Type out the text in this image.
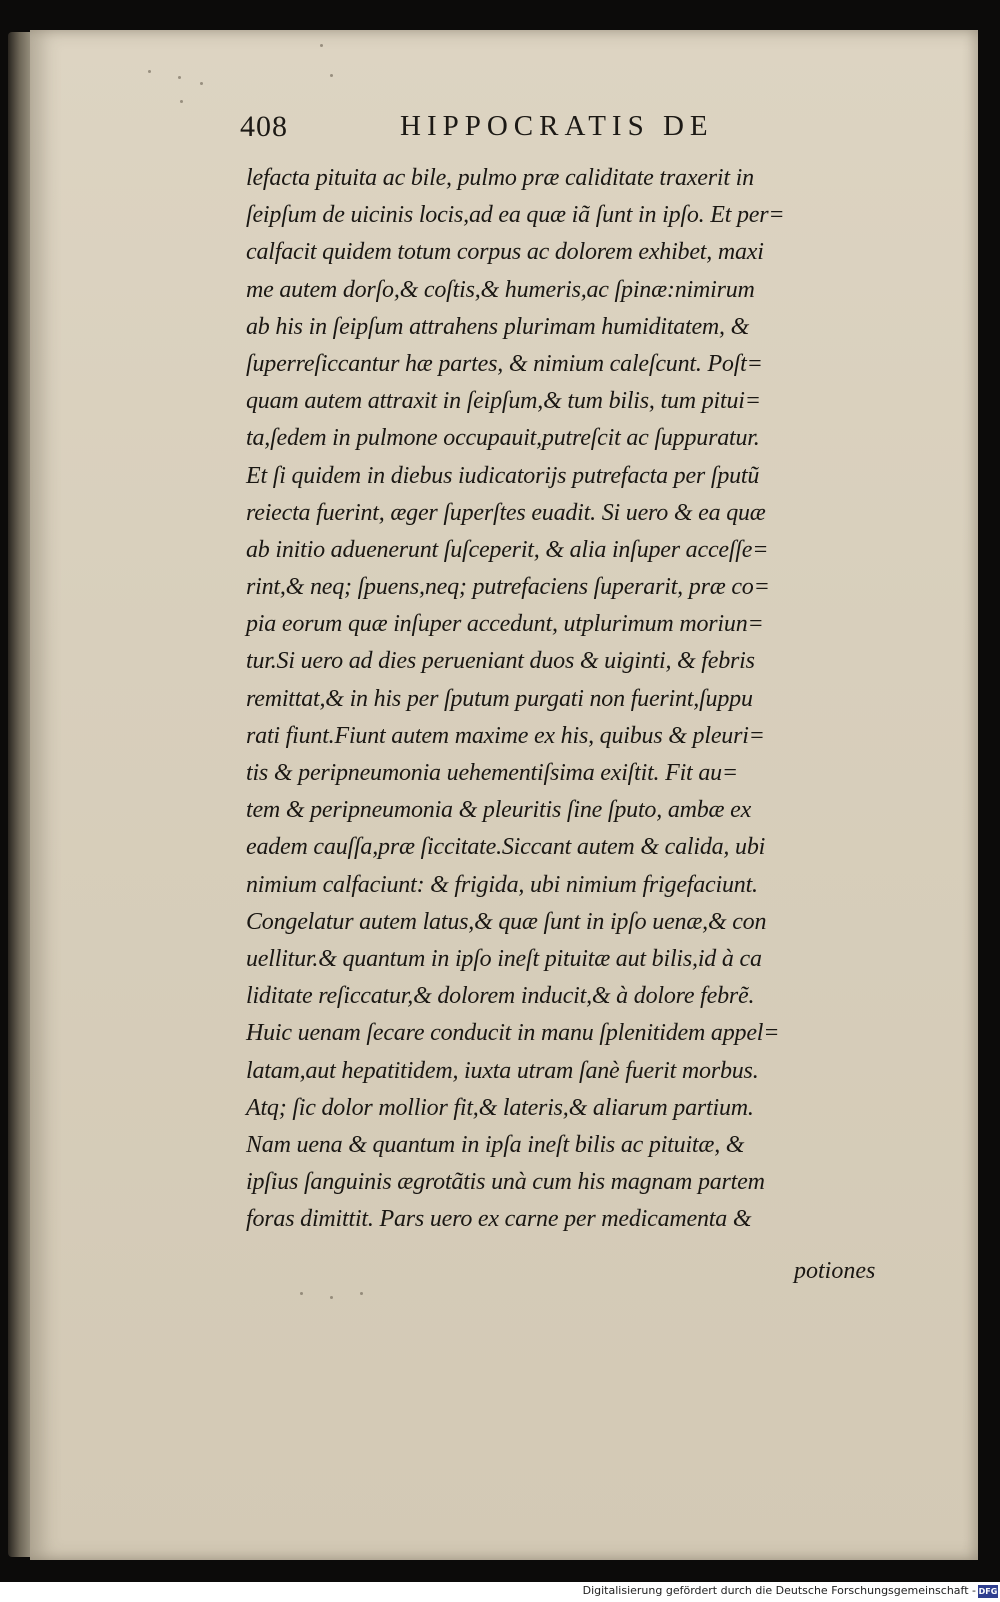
408	HIPPOCRATIS DE
lefacta pituita ac bile, pulmo præ caliditate traxerit in
ſeipſum de uicinis locis,ad ea quæ iã ſunt in ipſo. Et per=
calfacit quidem totum corpus ac dolorem exhibet, maxi
me autem dorſo,& coſtis,& humeris,ac ſpinæ:nimirum
ab his in ſeipſum attrahens plurimam humiditatem, &
ſuperreſiccantur hæ partes, & nimium caleſcunt. Poſt=
quam autem attraxit in ſeipſum,& tum bilis, tum pitui=
ta,ſedem in pulmone occupauit,putreſcit ac ſuppuratur.
Et ſi quidem in diebus iudicatorijs putrefacta per ſputũ
reiecta fuerint, æger ſuperſtes euadit. Si uero & ea quæ
ab initio aduenerunt ſuſceperit, & alia inſuper acceſſe=
rint,& neq; ſpuens,neq; putrefaciens ſuperarit, præ co=
pia eorum quæ inſuper accedunt, utplurimum moriun=
tur.Si uero ad dies perueniant duos & uiginti, & febris
remittat,& in his per ſputum purgati non fuerint,ſuppu
rati fiunt.Fiunt autem maxime ex his, quibus & pleuri=
tis & peripneumonia uehementiſsima exiſtit. Fit au=
tem & peripneumonia & pleuritis ſine ſputo, ambæ ex
eadem cauſſa,præ ſiccitate.Siccant autem & calida, ubi
nimium calfaciunt: & frigida, ubi nimium frigefaciunt.
Congelatur autem latus,& quæ ſunt in ipſo uenæ,& con
uellitur.& quantum in ipſo ineſt pituitæ aut bilis,id à ca
liditate reſiccatur,& dolorem inducit,& à dolore febrẽ.
Huic uenam ſecare conducit in manu ſplenitidem appel=
latam,aut hepatitidem, iuxta utram ſanè fuerit morbus.
Atq; ſic dolor mollior fit,& lateris,& aliarum partium.
Nam uena & quantum in ipſa ineſt bilis ac pituitæ, &
ipſius ſanguinis ægrotãtis unà cum his magnam partem
foras dimittit. Pars uero ex carne per medicamenta &
potiones
Digitalisierung gefördert durch die Deutsche Forschungsgemeinschaft - DFG
